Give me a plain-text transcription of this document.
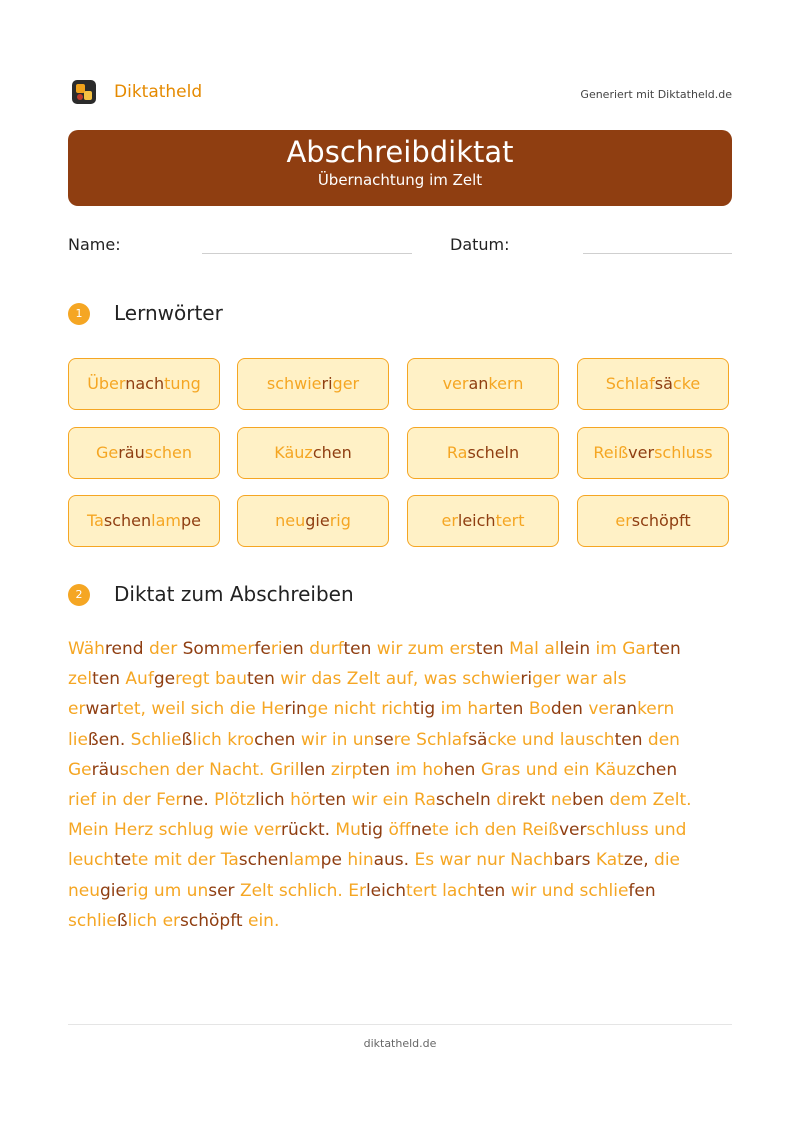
Diktatheld	Generiert mit Diktatheld.de
Abschreibdiktat
Übernachtung im Zelt
Name:	Datum:
1	Lernwörter
Übernachtung	schwieriger	verankern	Schlafsäcke
Geräuschen	Käuzchen	Rascheln	Reißverschluss
Taschenlampe	neugierig	erleichtert	erschöpft
2	Diktat zum Abschreiben

Während der Sommerferien durften wir zum ersten Mal allein im Garten

zelten Aufgeregt bauten wir das Zelt auf, was schwieriger war als

erwartet, weil sich die Heringe nicht richtig im harten Boden verankern

ließen. Schließlich krochen wir in unsere Schlafsäcke und lauschten den

Geräuschen der Nacht. Grillen zirpten im hohen Gras und ein Käuzchen

rief in der Ferne. Plötzlich hörten wir ein Rascheln direkt neben dem Zelt.

Mein Herz schlug wie verrückt. Mutig öffnete ich den Reißverschluss und

leuchtete mit der Taschenlampe hinaus. Es war nur Nachbars Katze, die

neugierig um unser Zelt schlich. Erleichtert lachten wir und schliefen

schließlich erschöpft ein.

diktatheld.de
